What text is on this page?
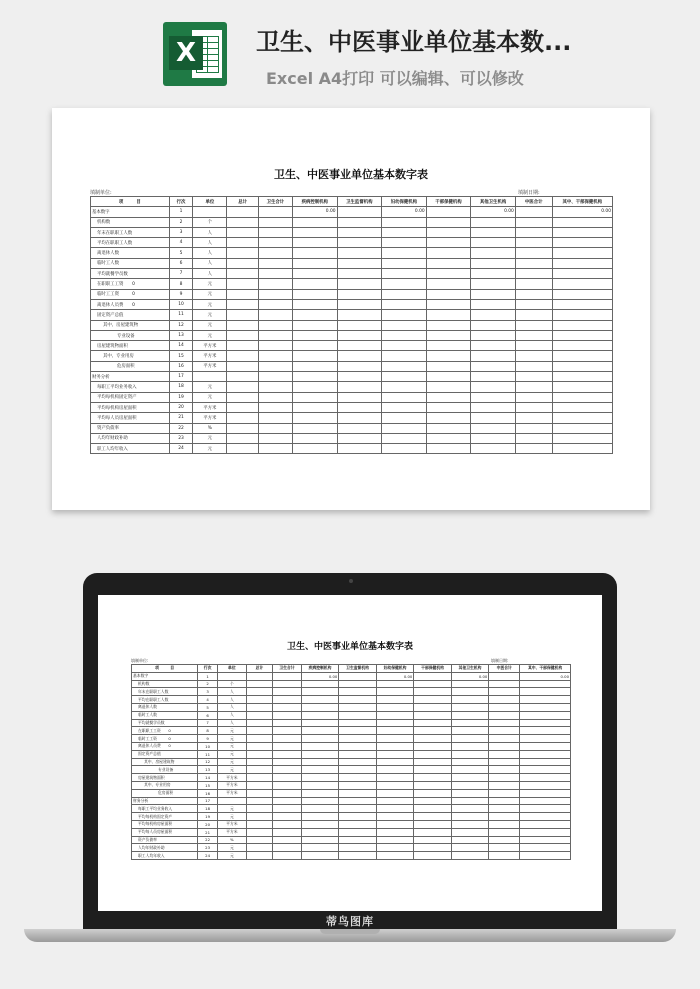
X 卫生、中医事业单位基本数...
Excel A4打印 可以编辑、可以修改
卫生、中医事业单位基本数字表
填制单位:	填制日期:
项　　　目	行次	单位	总计	卫生合计	疾病控制机构	卫生监督机构	妇幼保健机构	干部保健机构	其他卫生机构	中医合计	其中、干部保健机构
基本数字	1				0.00		0.00		0.00		0.00
机构数	2	个									
年末在职职工人数	3	人									
平均在职职工人数	4	人									
离退休人数	5	人									
临时工人数	6	人									
平均就餐学员数	7	人									
在职职工工资　　0	8	元									
临时工工资　　　0	9	元									
离退休人员费　　0	10	元									
固定资产总值	11	元									
其中、房屋建筑物	12	元									
专业设备	13	元									
房屋建筑物面积	14	平方米									
其中、专业用房	15	平方米									
危房面积	16	平方米									
财务分析	17										
每职工平均业务收入	18	元									
平均每机构固定资产	19	元									
平均每机构房屋面积	20	平方米									
平均每人员房屋面积	21	平方米									
资产负债率	22	%									
人均年财政补助	23	元									
职工人均年收入	24	元									
卫生、中医事业单位基本数字表
填制单位:	填制日期:
项　　　目	行次	单位	总计	卫生合计	疾病控制机构	卫生监督机构	妇幼保健机构	干部保健机构	其他卫生机构	中医合计	其中、干部保健机构
基本数字	1				0.00		0.00		0.00		0.00
机构数	2	个									
年末在职职工人数	3	人									
平均在职职工人数	4	人									
离退休人数	5	人									
临时工人数	6	人									
平均就餐学员数	7	人									
在职职工工资　　0	8	元									
临时工工资　　　0	9	元									
离退休人员费　　0	10	元									
固定资产总值	11	元									
其中、房屋建筑物	12	元									
专业设备	13	元									
房屋建筑物面积	14	平方米									
其中、专业用房	15	平方米									
危房面积	16	平方米									
财务分析	17										
每职工平均业务收入	18	元									
平均每机构固定资产	19	元									
平均每机构房屋面积	20	平方米									
平均每人员房屋面积	21	平方米									
资产负债率	22	%									
人均年财政补助	23	元									
职工人均年收入	24	元									
蒂鸟图库
